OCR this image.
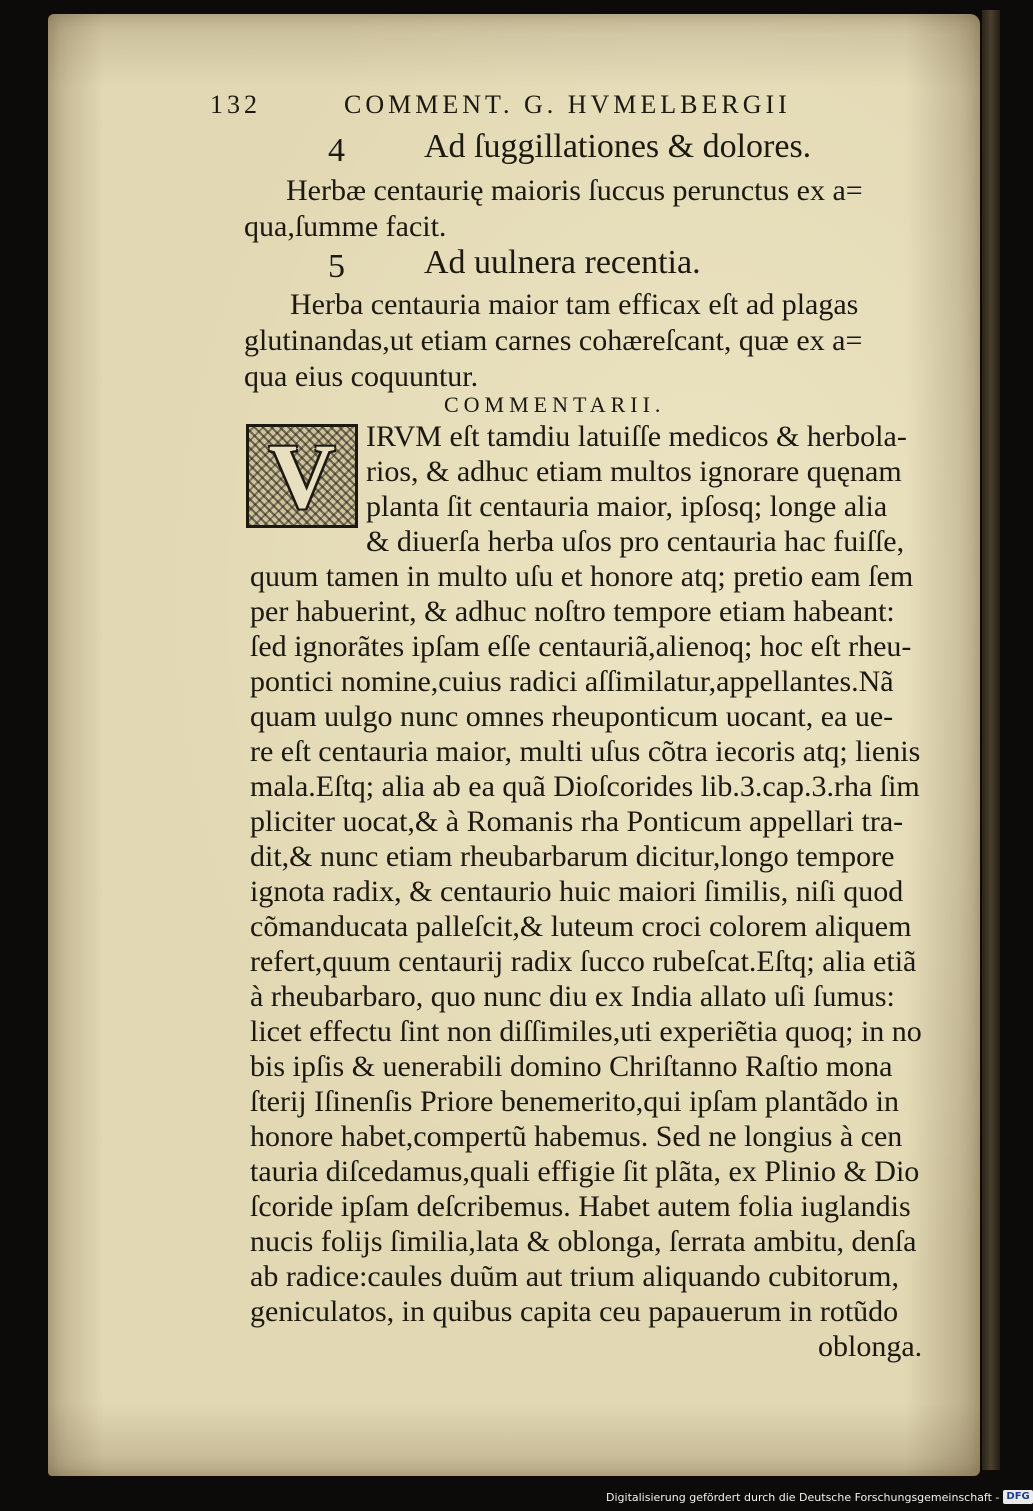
132	COMMENT. G. HVMELBERGII
4 Ad ſuggillationes & dolores.
Herbæ centaurię maioris ſuccus perunctus ex a=
qua,ſumme facit.
5 Ad uulnera recentia.
Herba centauria maior tam efficax eſt ad plagas
glutinandas,ut etiam carnes cohæreſcant, quæ ex a=
qua eius coquuntur.
COMMENTARII.
V IRVM eſt tamdiu latuiſſe medicos & herbola-
rios, & adhuc etiam multos ignorare quęnam
planta ſit centauria maior, ipſosq; longe alia
& diuerſa herba uſos pro centauria hac fuiſſe,
quum tamen in multo uſu et honore atq; pretio eam ſem
per habuerint, & adhuc noſtro tempore etiam habeant:
ſed ignorãtes ipſam eſſe centauriã,alienoq; hoc eſt rheu-
pontici nomine,cuius radici aſſimilatur,appellantes.Nã
quam uulgo nunc omnes rheuponticum uocant, ea ue-
re eſt centauria maior, multi uſus cõtra iecoris atq; lienis
mala.Eſtq; alia ab ea quã Dioſcorides lib.3.cap.3.rha ſim
pliciter uocat,& à Romanis rha Ponticum appellari tra-
dit,& nunc etiam rheubarbarum dicitur,longo tempore
ignota radix, & centaurio huic maiori ſimilis, niſi quod
cõmanducata palleſcit,& luteum croci colorem aliquem
refert,quum centaurij radix ſucco rubeſcat.Eſtq; alia etiã
à rheubarbaro, quo nunc diu ex India allato uſi ſumus:
licet effectu ſint non diſſimiles,uti experiẽtia quoq; in no
bis ipſis & uenerabili domino Chriſtanno Raſtio mona
ſterij Iſinenſis Priore benemerito,qui ipſam plantãdo in
honore habet,compertũ habemus. Sed ne longius à cen
tauria diſcedamus,quali effigie ſit plãta, ex Plinio & Dio
ſcoride ipſam deſcribemus. Habet autem folia iuglandis
nucis folijs ſimilia,lata & oblonga, ſerrata ambitu, denſa
ab radice:caules duũm aut trium aliquando cubitorum,
geniculatos, in quibus capita ceu papauerum in rotũdo
oblonga.
Digitalisierung gefördert durch die Deutsche Forschungsgemeinschaft - DFG
